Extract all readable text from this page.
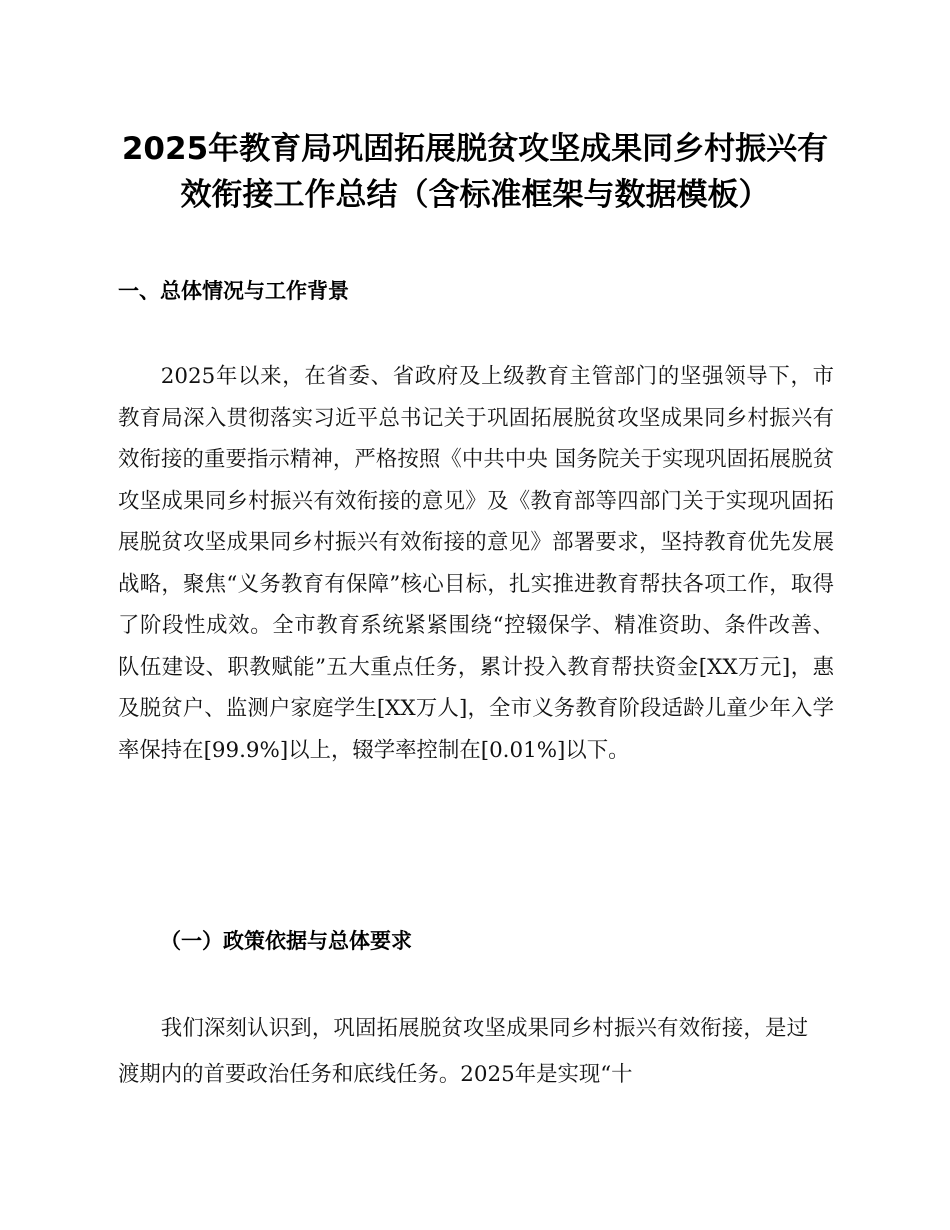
2025年教育局巩固拓展脱贫攻坚成果同乡村振兴有效衔接工作总结（含标准框架与数据模板）
一、总体情况与工作背景

2025年以来，在省委、省政府及上级教育主管部门的坚强领导下，市教育局深入贯彻落实习近平总书记关于巩固拓展脱贫攻坚成果同乡村振兴有效衔接的重要指示精神，严格按照《中共中央 国务院关于实现巩固拓展脱贫攻坚成果同乡村振兴有效衔接的意见》及《教育部等四部门关于实现巩固拓展脱贫攻坚成果同乡村振兴有效衔接的意见》部署要求，坚持教育优先发展战略，聚焦“义务教育有保障”核心目标，扎实推进教育帮扶各项工作，取得了阶段性成效。全市教育系统紧紧围绕“控辍保学、精准资助、条件改善、队伍建设、职教赋能”五大重点任务，累计投入教育帮扶资金[XX万元]，惠及脱贫户、监测户家庭学生[XX万人]，全市义务教育阶段适龄儿童少年入学率保持在[99.9%]以上，辍学率控制在[0.01%]以下。

（一）政策依据与总体要求

我们深刻认识到，巩固拓展脱贫攻坚成果同乡村振兴有效衔接，是过渡期内的首要政治任务和底线任务。2025年是实现“十
